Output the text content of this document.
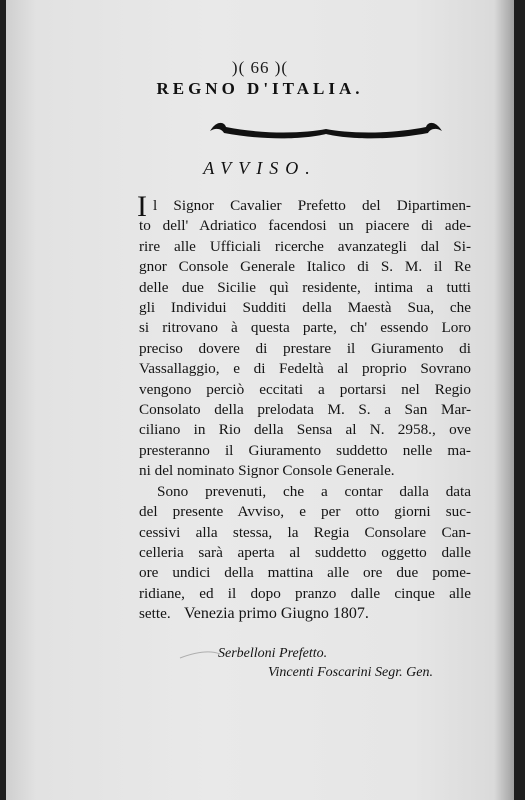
)( 66 )(
REGNO D'ITALIA.
AVVISO.
I l Signor Cavalier Prefetto del Dipartimen-
to dell' Adriatico facendosi un piacere di ade-
rire alle Ufficiali ricerche avanzategli dal Si-
gnor Console Generale Italico di S. M. il Re
delle due Sicilie quì residente, intima a tutti
gli Individui Sudditi della Maestà Sua, che
si ritrovano à questa parte, ch' essendo Loro
preciso dovere di prestare il Giuramento di
Vassallaggio, e di Fedeltà al proprio Sovrano
vengono perciò eccitati a portarsi nel Regio
Consolato della prelodata M. S. a San Mar-
ciliano in Rio della Sensa al N. 2958., ove
presteranno il Giuramento suddetto nelle ma-
ni del nominato Signor Console Generale.
Sono prevenuti, che a contar dalla data
del presente Avviso, e per otto giorni suc-
cessivi alla stessa, la Regia Consolare Can-
celleria sarà aperta al suddetto oggetto dalle
ore undici della mattina alle ore due pome-
ridiane, ed il dopo pranzo dalle cinque alle
sette. Venezia primo Giugno 1807.
Serbelloni Prefetto.
Vincenti Foscarini Segr. Gen.
